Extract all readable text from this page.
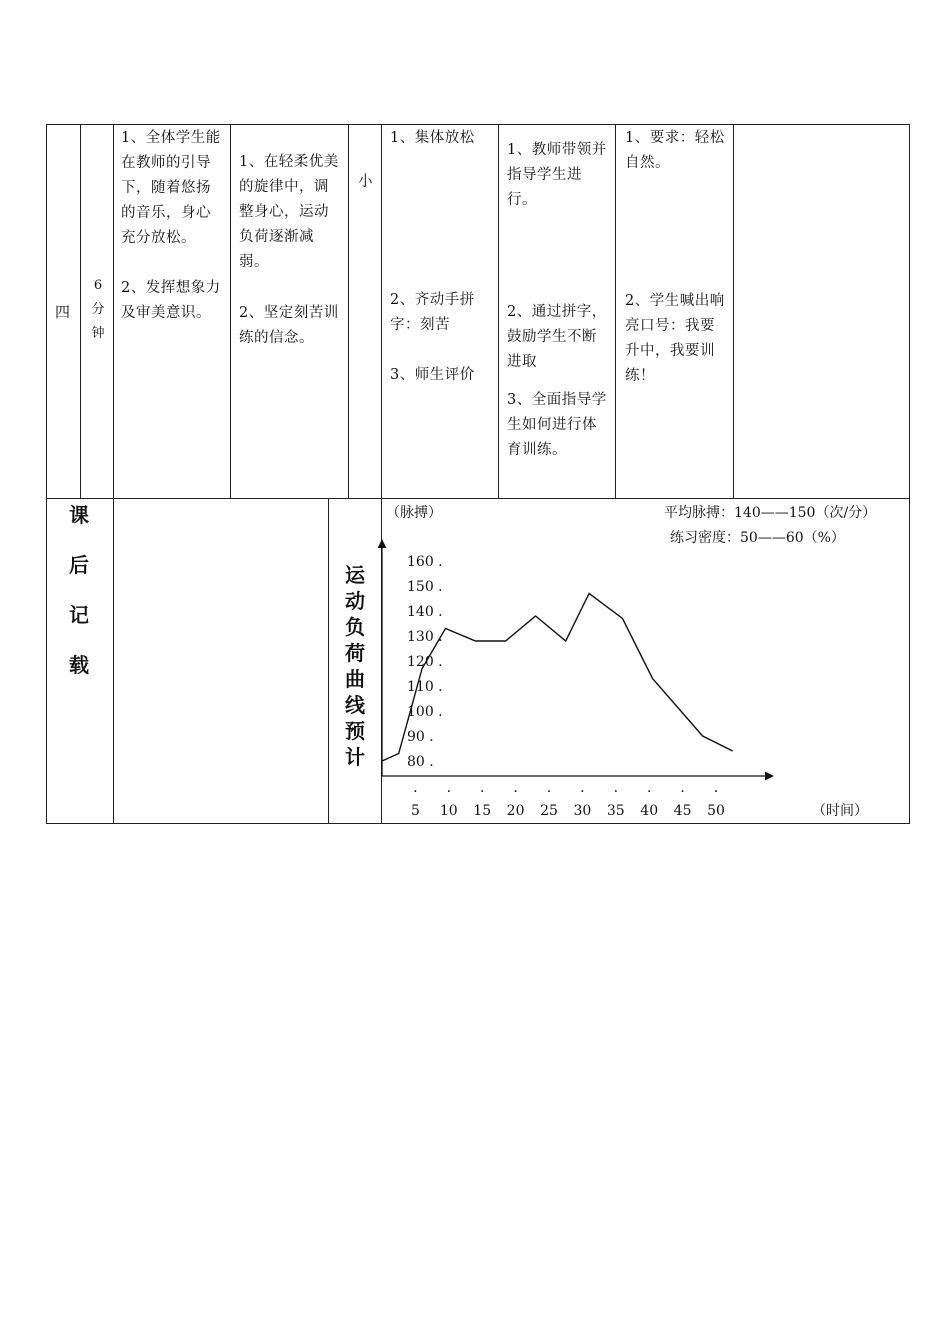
四
6
分
钟

1、全体学生能在教师的引导下，随着悠扬的音乐，身心充分放松。

2、发挥想象力及审美意识。

1、在轻柔优美的旋律中，调整身心，运动负荷逐渐减弱。

2、坚定刻苦训练的信念。

小

1、集体放松

2、齐动手拼字：刻苦

3、师生评价

1、教师带领并指导学生进行。

2、通过拼字，鼓励学生不断进取

3、全面指导学生如何进行体育训练。

1、要求：轻松自然。

2、学生喊出响亮口号：我要升中，我要训练！

课
后
记
载
运
动
负
荷
曲
线
预
计
平均脉搏：140——150（次/分）
练习密度：50——60（%）
（脉搏）
（时间）
160 .
150 .
140 .
130 .
120 .
110 .
100 .
90 .
80 .
.
5
.
10
.
15
.
20
.
25
.
30
.
35
.
40
.
45
.
50
